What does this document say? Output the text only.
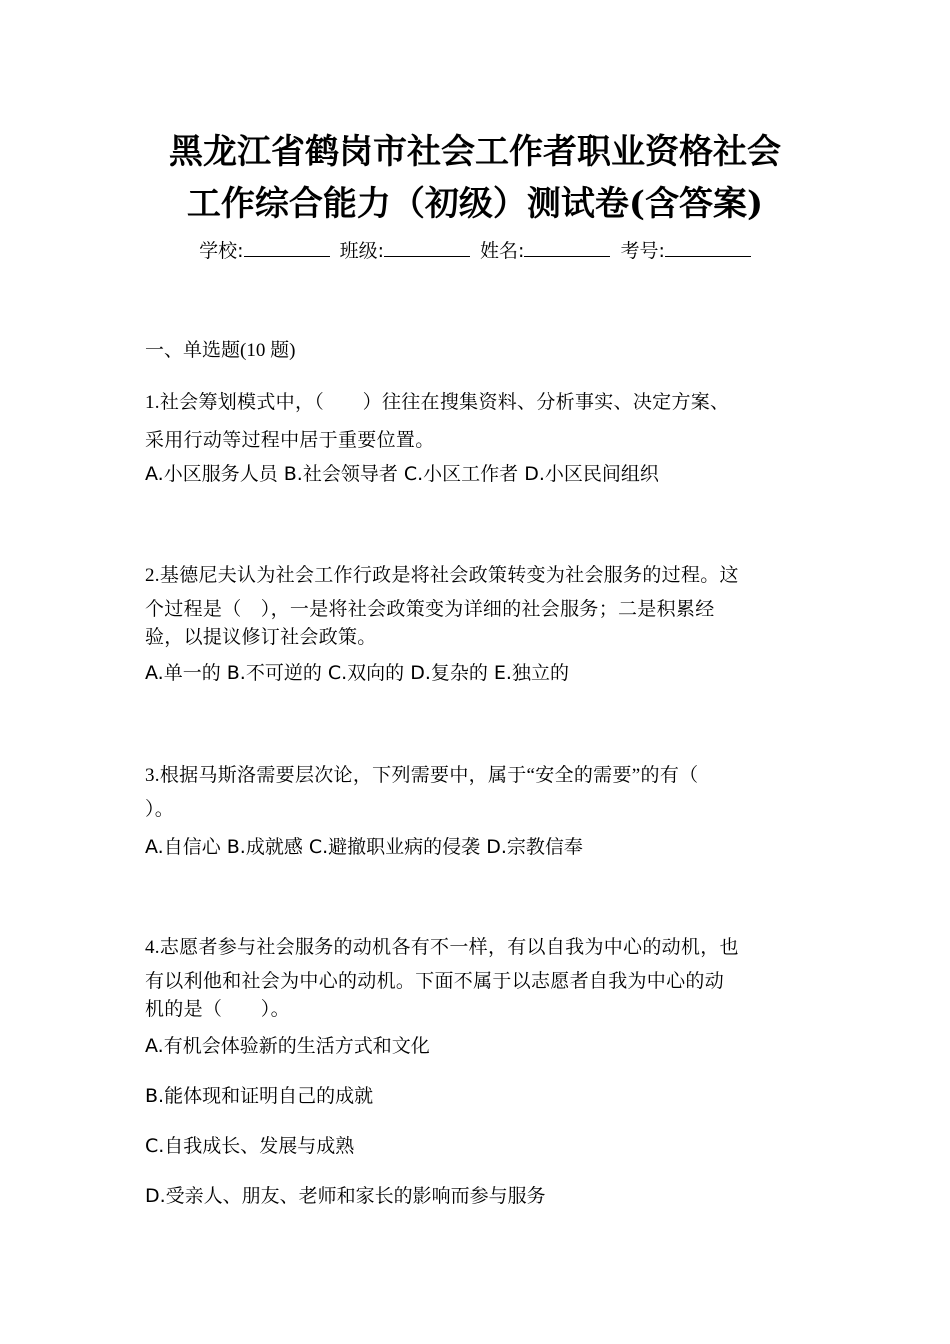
黑龙江省鹤岗市社会工作者职业资格社会
工作综合能力（初级）测试卷(含答案)
学校:	班级:	姓名:	考号:
一、单选题(10 题)
1.社会筹划模式中，（　　）往往在搜集资料、分析事实、决定方案、
采用行动等过程中居于重要位置。
A.小区服务人员 B.社会领导者 C.小区工作者 D.小区民间组织
2.基德尼夫认为社会工作行政是将社会政策转变为社会服务的过程。这
个过程是（　），一是将社会政策变为详细的社会服务；二是积累经
验，以提议修订社会政策。
A.单一的 B.不可逆的 C.双向的 D.复杂的 E.独立的
3.根据马斯洛需要层次论，下列需要中，属于“安全的需要”的有（
）。
A.自信心 B.成就感 C.避撤职业病的侵袭 D.宗教信奉
4.志愿者参与社会服务的动机各有不一样，有以自我为中心的动机，也
有以利他和社会为中心的动机。下面不属于以志愿者自我为中心的动
机的是（　　）。
A.有机会体验新的生活方式和文化
B.能体现和证明自己的成就
C.自我成长、发展与成熟
D.受亲人、朋友、老师和家长的影响而参与服务
